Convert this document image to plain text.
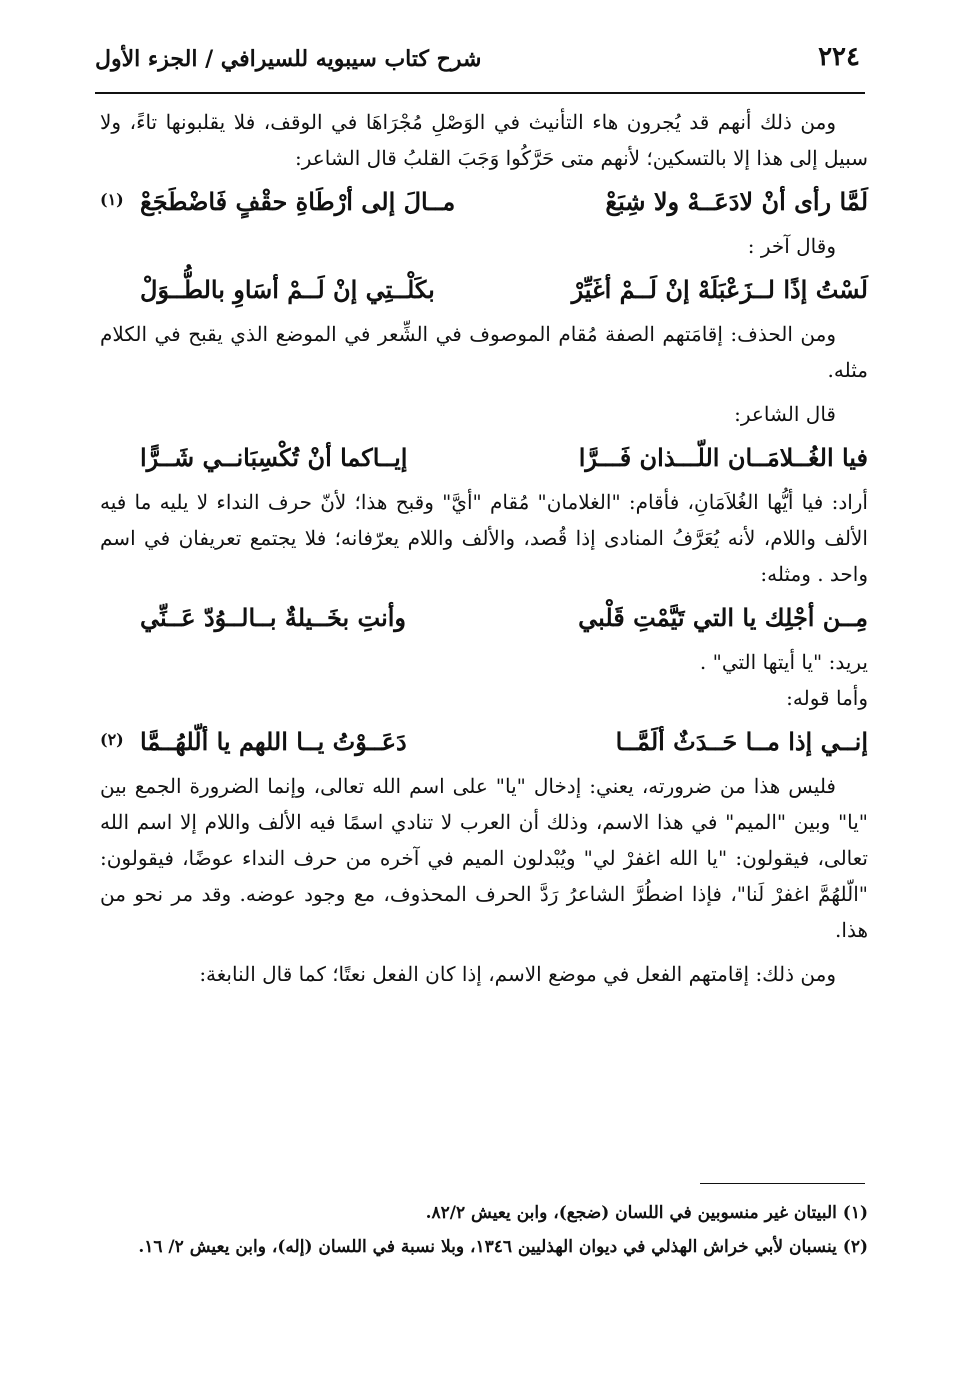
٢٢٤
شرح كتاب سيبويه للسيرافي / الجزء الأول

ومن ذلك أنهم قد يُجرون هاء التأنيث في الوَصْلِ مُجْرَاهَا في الوقف، فلا يقلبونها تاءً، ولا سبيل إلى هذا إلا بالتسكين؛ لأنهم متى حَرَّكُوا وَجَبَ القلبُ قال الشاعر:

لَمَّا رأى أنْ لادَعَــهْ ولا شِبَعْ
مــالَ إلى أرْطَاةِ حقْفٍ فَاضْطَجَعْ
(١)

وقال آخر :

لَسْتُ إذًا لــزَعْبَلَهْ إنْ لَــمْ أغَيِّرْ
بكَلْــتِي إنْ لَــمْ أسَاوِ بالطُّــوَلْ

ومن الحذف: إقامَتهم الصفة مُقام الموصوف في الشِّعر في الموضع الذي يقبح في الكلام مثله.

قال الشاعر:

فيا الغُــلامَــان اللّـــذان فَـــرَّا
إيــاكما أنْ تُكْسِبَانــي شَــرًّا

أراد: فيا أيُّها الغُلاَمَانِ، فأقام: "الغلامان" مُقام "أيَّ" وقبح هذا؛ لأنّ حرف النداء لا يليه ما فيه الألف واللام، لأنه يُعَرَّفُ المنادى إذا قُصد، والألف واللام يعرّفانه؛ فلا يجتمع تعريفان في اسم واحد . ومثله:

مِــن أجْلِك يا التي تَيَّمْتِ قَلْبي
وأنتِ بخَــيلةٌ بــالــوُدّ عَــنِّي

يريد: "يا أيتها التي" .

وأما قوله:

إنــي إذا مــا حَــدَثٌ ألَمَّــا
دَعَــوْتُ يــا اللهم يا ألّلهُــمَّا
(٢)

فليس هذا من ضرورته، يعني: إدخال "يا" على اسم الله تعالى، وإنما الضرورة الجمع بين "يا" وبين "الميم" في هذا الاسم، وذلك أن العرب لا تنادي اسمًا فيه الألف واللام إلا اسم الله تعالى، فيقولون: "يا الله اغفرْ لي" ويُبْدلون الميم في آخره من حرف النداء عوضًا، فيقولون: "الّلهُمَّ اغفرْ لَنا"، فإذا اضطُرَّ الشاعرُ رَدَّ الحرف المحذوف، مع وجود عوضه. وقد مر نحو من هذا.

ومن ذلك: إقامتهم الفعل في موضع الاسم، إذا كان الفعل نعتًا؛ كما قال النابغة:

(١) البيتان غير منسوبين في اللسان (ضجع)، وابن يعيش ٨٢/٢.
(٢) ينسبان لأبي خراش الهذلي في ديوان الهذليين ١٣٤٦، وبلا نسبة في اللسان (إله)، وابن يعيش ٢/ ١٦.
